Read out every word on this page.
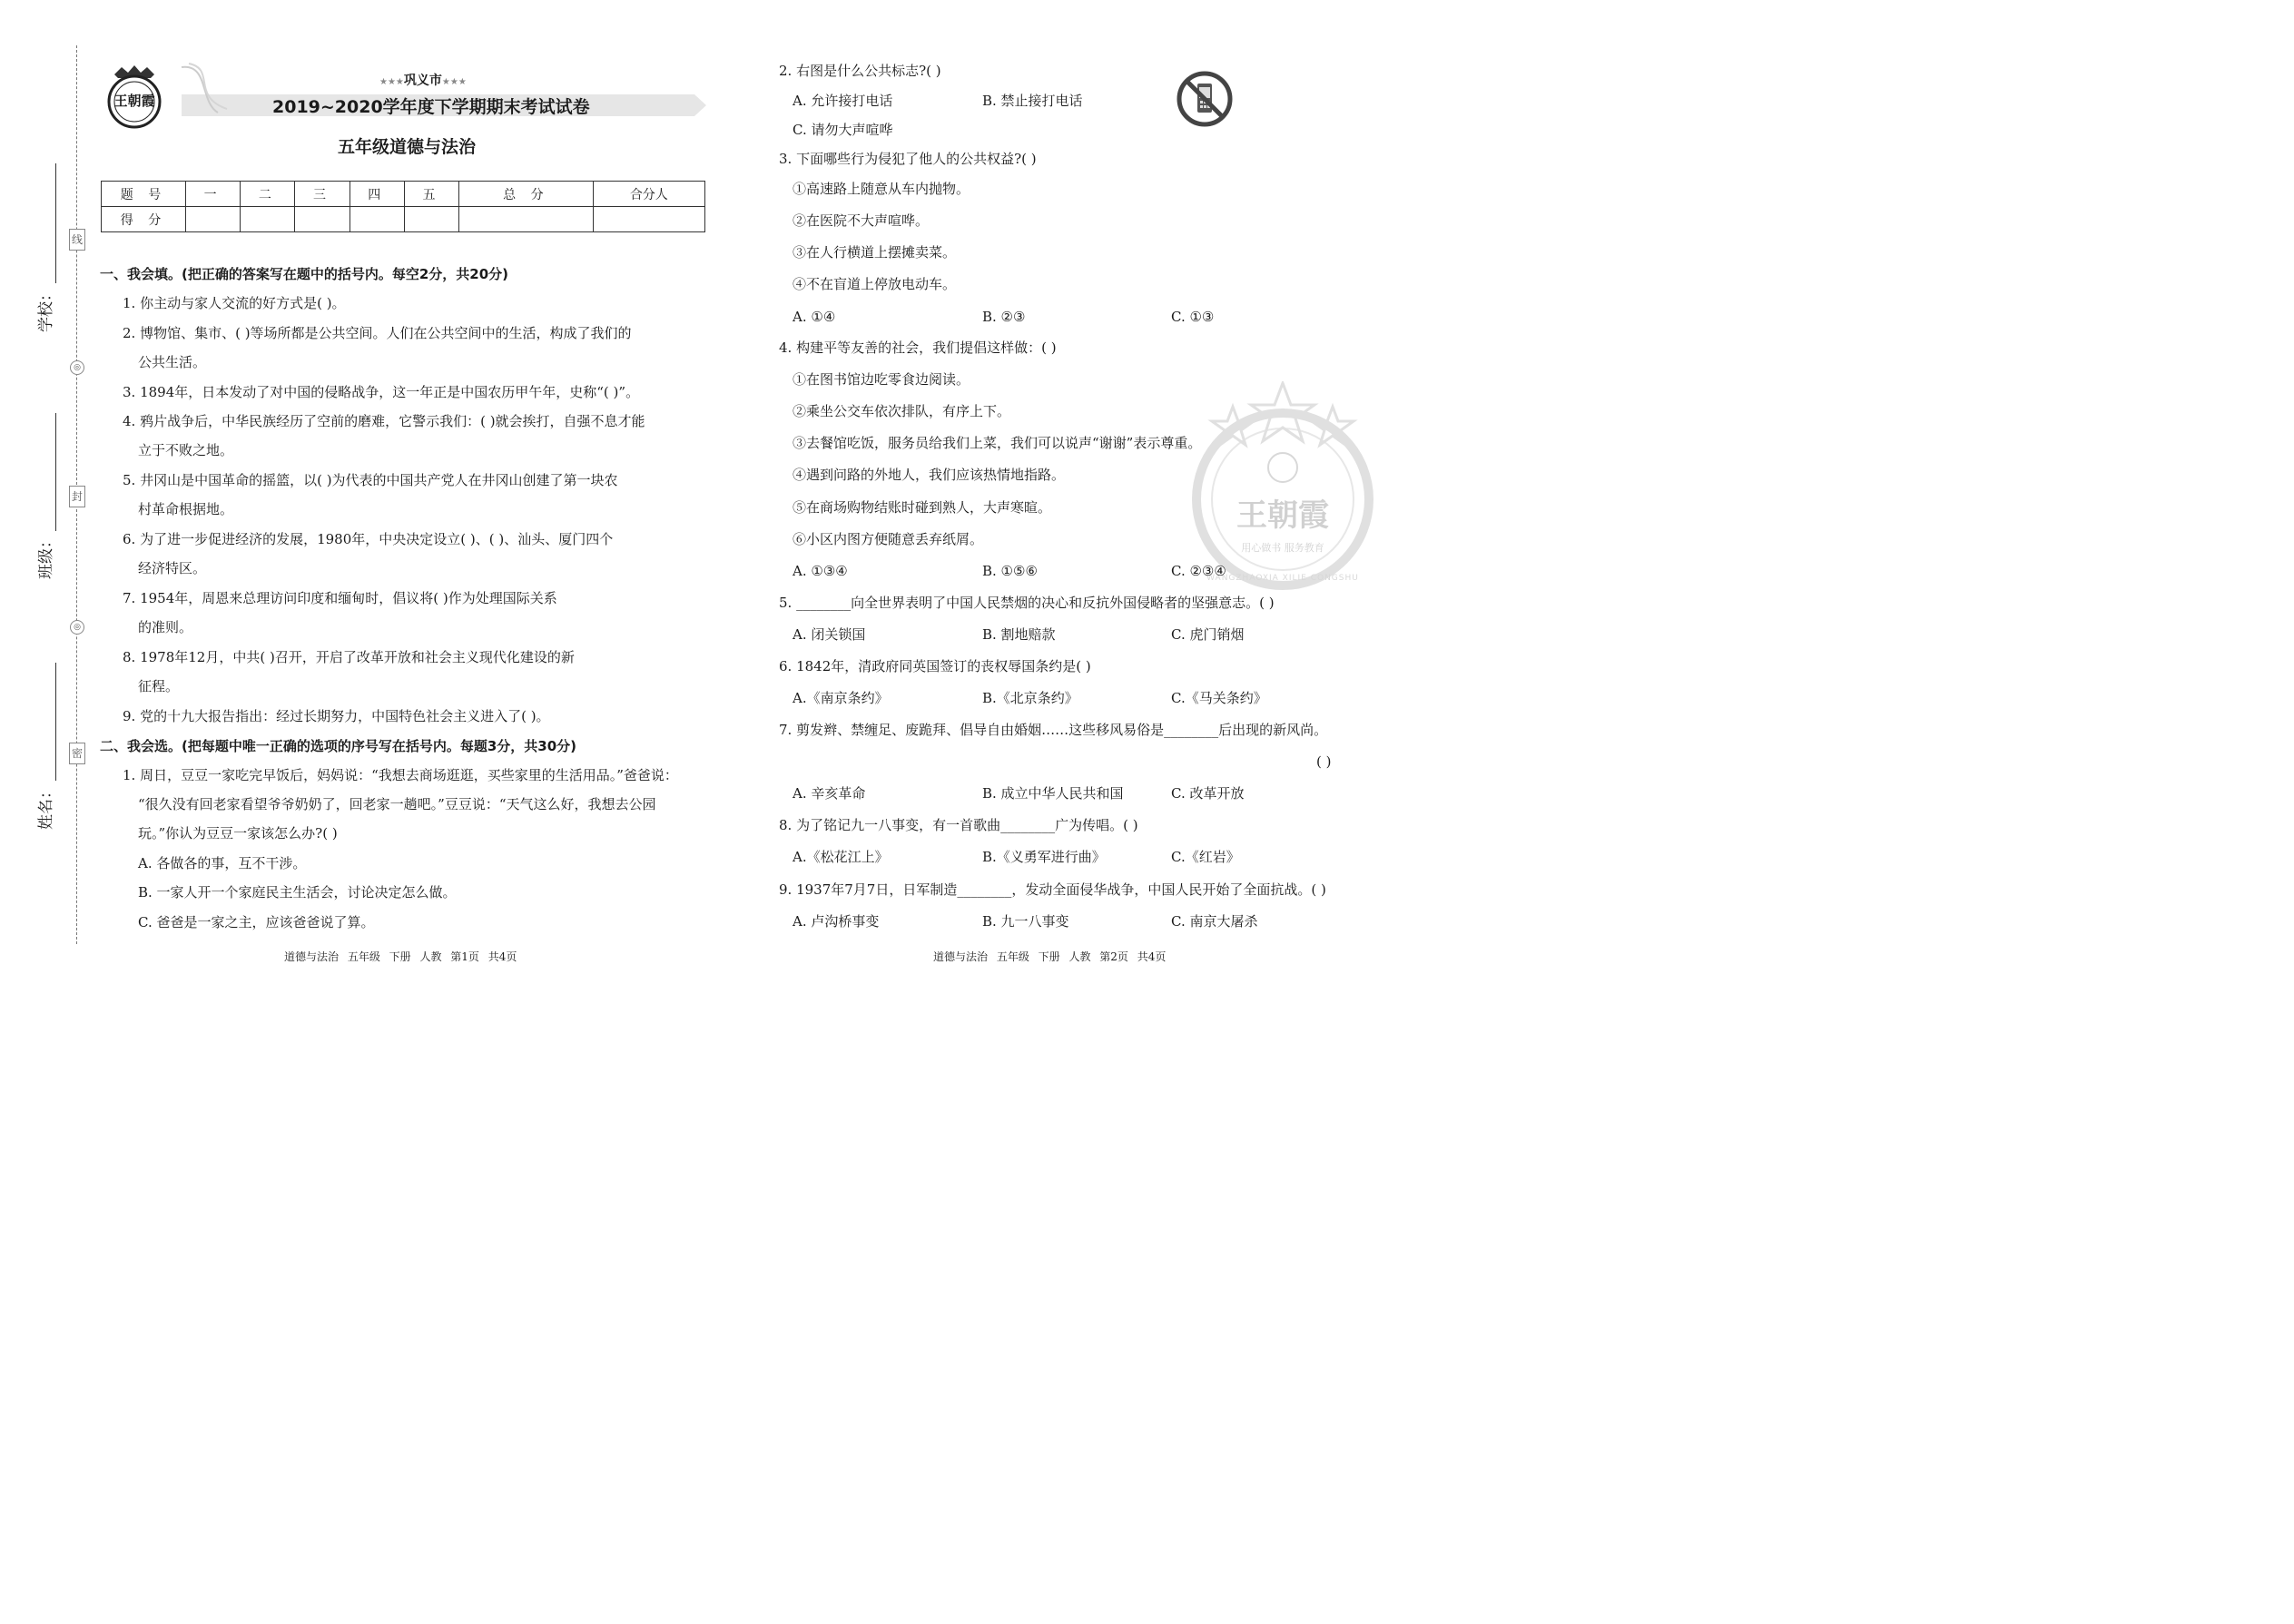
线
封
密
◎
◎
学校：
班级：
姓名：
王朝霞
★★★巩义市★★★
2019~2020学年度下学期期末考试试卷
五年级道德与法治
题 号	一	二	三	四	五	总 分	合分人
得 分							
一、我会填。(把正确的答案写在题中的括号内。每空2分，共20分)
1. 你主动与家人交流的好方式是( )。
2. 博物馆、集市、( )等场所都是公共空间。人们在公共空间中的生活，构成了我们的
公共生活。
3. 1894年，日本发动了对中国的侵略战争，这一年正是中国农历甲午年，史称“( )”。
4. 鸦片战争后，中华民族经历了空前的磨难，它警示我们：( )就会挨打，自强不息才能
立于不败之地。
5. 井冈山是中国革命的摇篮，以( )为代表的中国共产党人在井冈山创建了第一块农
村革命根据地。
6. 为了进一步促进经济的发展，1980年，中央决定设立( )、( )、汕头、厦门四个
经济特区。
7. 1954年，周恩来总理访问印度和缅甸时，倡议将( )作为处理国际关系
的准则。
8. 1978年12月，中共( )召开，开启了改革开放和社会主义现代化建设的新
征程。
9. 党的十九大报告指出：经过长期努力，中国特色社会主义进入了( )。
二、我会选。(把每题中唯一正确的选项的序号写在括号内。每题3分，共30分)
1. 周日，豆豆一家吃完早饭后，妈妈说：“我想去商场逛逛，买些家里的生活用品。”爸爸说：
“很久没有回老家看望爷爷奶奶了，回老家一趟吧。”豆豆说：“天气这么好，我想去公园
玩。”你认为豆豆一家该怎么办?( )
A. 各做各的事，互不干涉。
B. 一家人开一个家庭民主生活会，讨论决定怎么做。
C. 爸爸是一家之主，应该爸爸说了算。
道德与法治 五年级 下册 人教 第1页 共4页
王朝霞
用心做书 服务教育
WANGZHAOXIA XILIE CONGSHU
2. 右图是什么公共标志?( )
A. 允许接打电话	B. 禁止接打电话
C. 请勿大声喧哗
3. 下面哪些行为侵犯了他人的公共权益?( )
①高速路上随意从车内抛物。
②在医院不大声喧哗。
③在人行横道上摆摊卖菜。
④不在盲道上停放电动车。
A. ①④	B. ②③	C. ①③
4. 构建平等友善的社会，我们提倡这样做：( )
①在图书馆边吃零食边阅读。
②乘坐公交车依次排队，有序上下。
③去餐馆吃饭，服务员给我们上菜，我们可以说声“谢谢”表示尊重。
④遇到问路的外地人，我们应该热情地指路。
⑤在商场购物结账时碰到熟人，大声寒暄。
⑥小区内图方便随意丢弃纸屑。
A. ①③④	B. ①⑤⑥	C. ②③④
5. ________向全世界表明了中国人民禁烟的决心和反抗外国侵略者的坚强意志。( )
A. 闭关锁国	B. 割地赔款	C. 虎门销烟
6. 1842年，清政府同英国签订的丧权辱国条约是( )
A.《南京条约》	B.《北京条约》	C.《马关条约》
7. 剪发辫、禁缠足、废跪拜、倡导自由婚姻……这些移风易俗是________后出现的新风尚。
( )
A. 辛亥革命	B. 成立中华人民共和国	C. 改革开放
8. 为了铭记九一八事变，有一首歌曲________广为传唱。( )
A.《松花江上》	B.《义勇军进行曲》	C.《红岩》
9. 1937年7月7日，日军制造________，发动全面侵华战争，中国人民开始了全面抗战。( )
A. 卢沟桥事变	B. 九一八事变	C. 南京大屠杀
道德与法治 五年级 下册 人教 第2页 共4页
